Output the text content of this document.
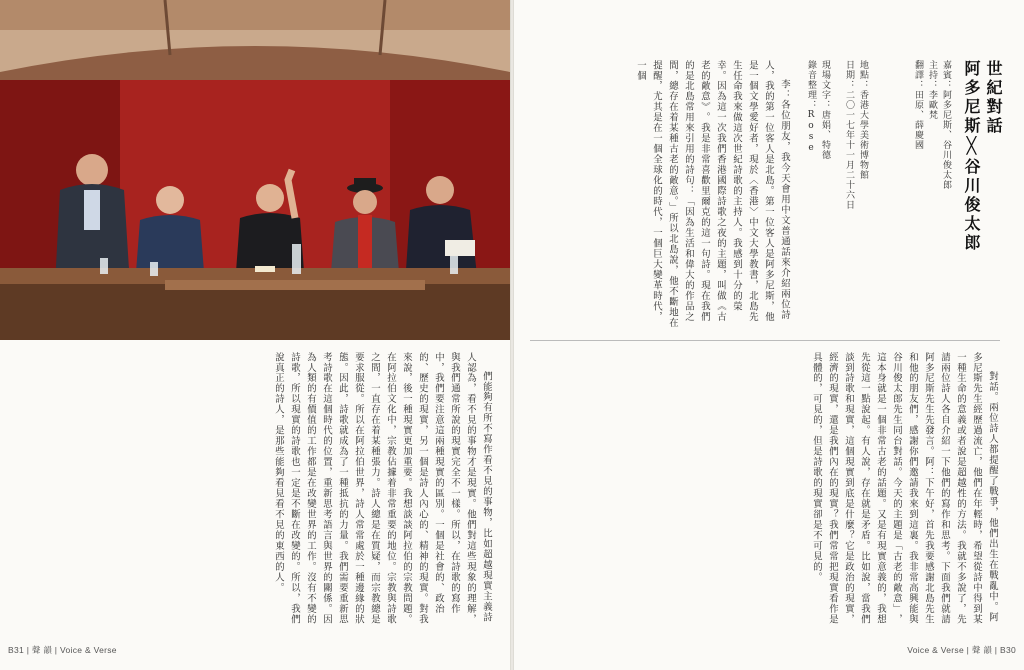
們能夠有所不寫作看不見的事物，比如超越現實主義詩人認為，看不見的事物才是現實。他們對這些現象的理解，與我們通常所說的現實完全不一樣。所以，在詩歌的寫作中，我們要注意這兩種現實的區別。一個是社會的、政治的、歷史的現實，另一個是詩人內心的、精神的現實。對我來說，後一種現實更加重要。我想談談阿拉伯的宗教問題。在阿拉伯文化中，宗教佔據着非常重要的地位。宗教與詩歌之間，一直存在着某種張力。詩人總是在質疑，而宗教總是要求服從。所以在阿拉伯世界，詩人常常處於一種邊緣的狀態。因此，詩歌就成為了一種抵抗的力量。我們需要重新思考詩歌在這個時代的位置，重新思考語言與世界的關係。因為人類的有價值的工作都是在改變世界的工作。沒有不變的詩歌，所以現實的詩歌也一定是不斷在改變的。所以，我們說真正的詩人，是那些能夠看見看不見的東西的人。

B31 | 聲 韻 | Voice & Verse	Voice & Verse | 聲 韻 | B30
世紀對話
阿多尼斯╳谷川俊太郎
嘉賓：阿多尼斯、谷川俊太郎
主持：李歐梵
翻譯：田原、薛慶國
地點：香港大學美術博物館
日期：二〇一七年十一月二十六日
現場文字：唐娟、特德
錄音整理：Rose

李：各位朋友，我今天會用中文普通話來介紹兩位詩人，我的第一位客人是北島。第一位客人是阿多尼斯，他是一個文學愛好者，現於︿香港﹀中文大學教書，北島先生任命我來做這次世紀詩歌的主持人。我感到十分的榮幸。因為這一次我們香港國際詩歌之夜的主題，叫做︽古老的敵意︾。我是非常喜歡里爾克的這一句詩。現在我們的是北島常用來引用的詩句：﹁因為生活和偉大的作品之間，總存在着某種古老的敵意。﹂所以北島說，他不斷地在提醒，尤其是在一個全球化的時代，一個巨大變革時代，一個

對話。兩位詩人都提醒了戰爭，他們出生在戰亂中。阿多尼斯先生經歷過流亡，他們在年輕時，希望從詩中得到某一種生命的意義或者說是超越性的方法。我就不多說了，先請兩位詩人各自介紹一下他們的寫作和思考。下面我們就請阿多尼斯先生先發言。阿：下午好，首先我要感謝北島先生和他的朋友們，感謝你們邀請我來到這裏。我非常高興能與谷川俊太郎先生同台對話。今天的主題是﹁古老的敵意﹂，這本身就是一個非常古老的話題。又是有現實意義的，我想先從這一點說起。有人說，存在就是矛盾。比如說，當我們談到詩歌和現實，這個現實到底是什麼？它是政治的現實，經濟的現實，還是我們內在的現實？我們常常把現實看作是具體的，可見的，但是詩歌的現實卻是不可見的。
